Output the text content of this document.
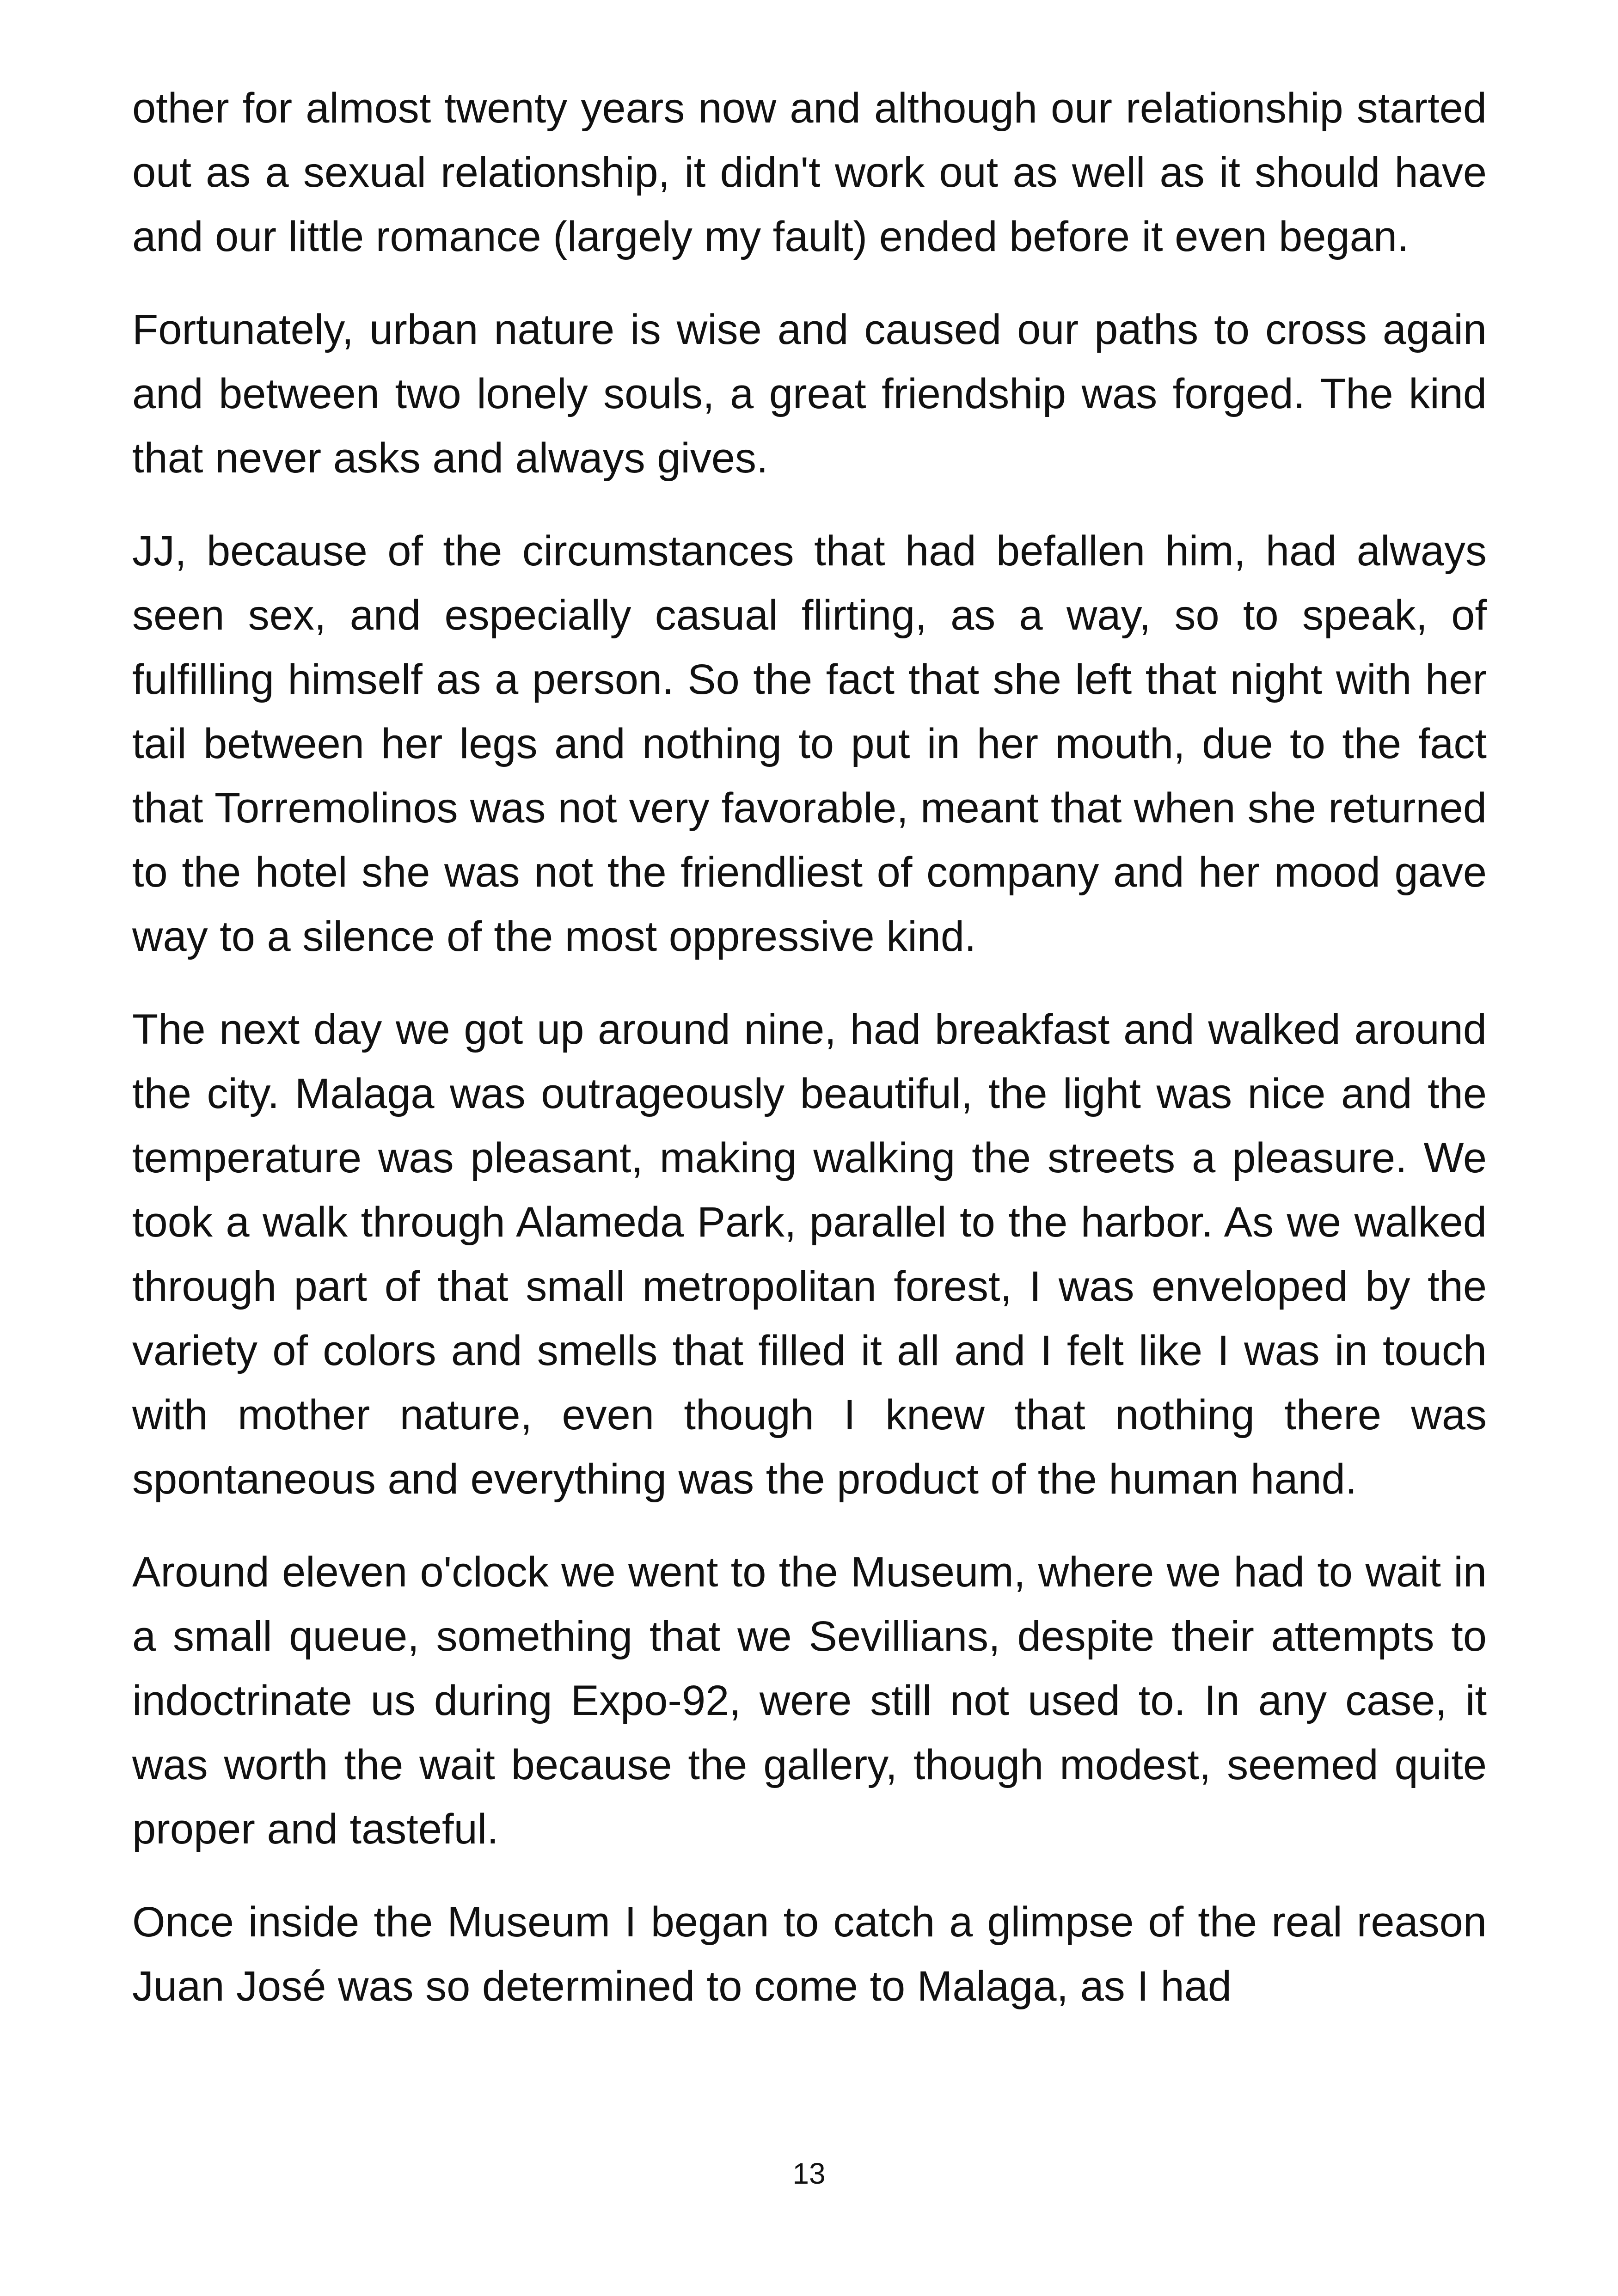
other for almost twenty years now and although our relationship started out as a sexual relationship, it didn't work out as well as it should have and our little romance (largely my fault) ended before it even began.

Fortunately, urban nature is wise and caused our paths to cross again and between two lonely souls, a great friendship was forged. The kind that never asks and always gives.

JJ, because of the circumstances that had befallen him, had always seen sex, and especially casual flirting, as a way, so to speak, of fulfilling himself as a person. So the fact that she left that night with her tail between her legs and nothing to put in her mouth, due to the fact that Torremolinos was not very favorable, meant that when she returned to the hotel she was not the friendliest of company and her mood gave way to a silence of the most oppressive kind.

The next day we got up around nine, had breakfast and walked around the city. Malaga was outrageously beautiful, the light was nice and the temperature was pleasant, making walking the streets a pleasure. We took a walk through Alameda Park, parallel to the harbor. As we walked through part of that small metropolitan forest, I was enveloped by the variety of colors and smells that filled it all and I felt like I was in touch with mother nature, even though I knew that nothing there was spontaneous and everything was the product of the human hand.

Around eleven o'clock we went to the Museum, where we had to wait in a small queue, something that we Sevillians, despite their attempts to indoctrinate us during Expo-92, were still not used to. In any case, it was worth the wait because the gallery, though modest, seemed quite proper and tasteful.

Once inside the Museum I began to catch a glimpse of the real reason Juan José was so determined to come to Malaga, as I had

13
